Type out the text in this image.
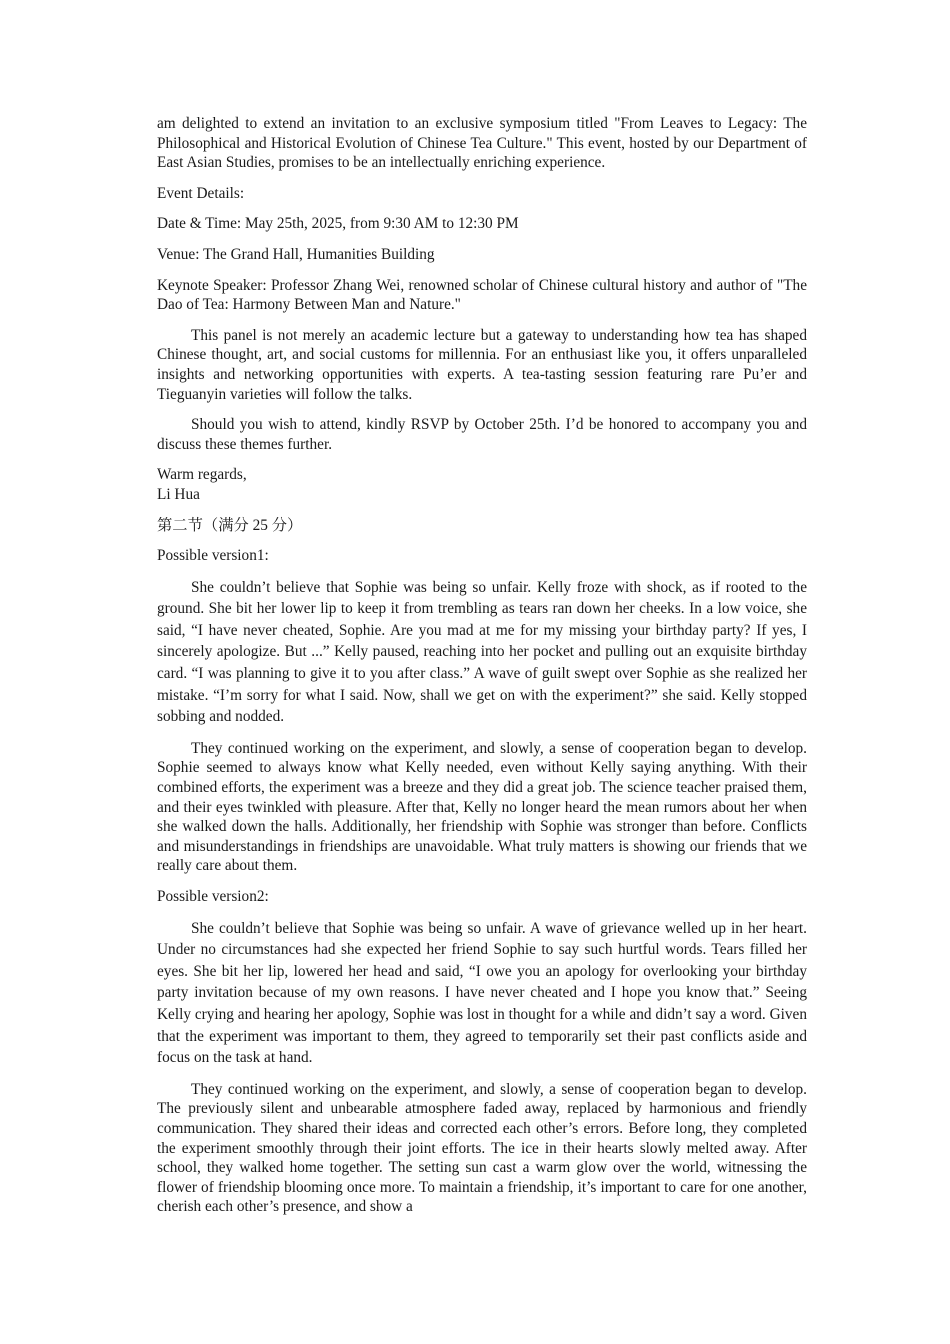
am delighted to extend an invitation to an exclusive symposium titled "From Leaves to Legacy: The Philosophical and Historical Evolution of Chinese Tea Culture." This event, hosted by our Department of East Asian Studies, promises to be an intellectually enriching experience.

Event Details:

Date & Time: May 25th, 2025, from 9:30 AM to 12:30 PM

Venue: The Grand Hall, Humanities Building

Keynote Speaker: Professor Zhang Wei, renowned scholar of Chinese cultural history and author of "The Dao of Tea: Harmony Between Man and Nature."

This panel is not merely an academic lecture but a gateway to understanding how tea has shaped Chinese thought, art, and social customs for millennia. For an enthusiast like you, it offers unparalleled insights and networking opportunities with experts. A tea-tasting session featuring rare Pu’er and Tieguanyin varieties will follow the talks.

Should you wish to attend, kindly RSVP by October 25th. I’d be honored to accompany you and discuss these themes further.

Warm regards,
Li Hua

第二节（满分 25 分）

Possible version1:

She couldn’t believe that Sophie was being so unfair. Kelly froze with shock, as if rooted to the ground. She bit her lower lip to keep it from trembling as tears ran down her cheeks. In a low voice, she said, “I have never cheated, Sophie. Are you mad at me for my missing your birthday party? If yes, I sincerely apologize. But ...” Kelly paused, reaching into her pocket and pulling out an exquisite birthday card. “I was planning to give it to you after class.” A wave of guilt swept over Sophie as she realized her mistake. “I’m sorry for what I said. Now, shall we get on with the experiment?” she said. Kelly stopped sobbing and nodded.

They continued working on the experiment, and slowly, a sense of cooperation began to develop. Sophie seemed to always know what Kelly needed, even without Kelly saying anything. With their combined efforts, the experiment was a breeze and they did a great job. The science teacher praised them, and their eyes twinkled with pleasure. After that, Kelly no longer heard the mean rumors about her when she walked down the halls. Additionally, her friendship with Sophie was stronger than before. Conflicts and misunderstandings in friendships are unavoidable. What truly matters is showing our friends that we really care about them.

Possible version2:

She couldn’t believe that Sophie was being so unfair. A wave of grievance welled up in her heart. Under no circumstances had she expected her friend Sophie to say such hurtful words. Tears filled her eyes. She bit her lip, lowered her head and said, “I owe you an apology for overlooking your birthday party invitation because of my own reasons. I have never cheated and I hope you know that.” Seeing Kelly crying and hearing her apology, Sophie was lost in thought for a while and didn’t say a word. Given that the experiment was important to them, they agreed to temporarily set their past conflicts aside and focus on the task at hand.

They continued working on the experiment, and slowly, a sense of cooperation began to develop. The previously silent and unbearable atmosphere faded away, replaced by harmonious and friendly communication. They shared their ideas and corrected each other’s errors. Before long, they completed the experiment smoothly through their joint efforts. The ice in their hearts slowly melted away. After school, they walked home together. The setting sun cast a warm glow over the world, witnessing the flower of friendship blooming once more. To maintain a friendship, it’s important to care for one another, cherish each other’s presence, and show a
